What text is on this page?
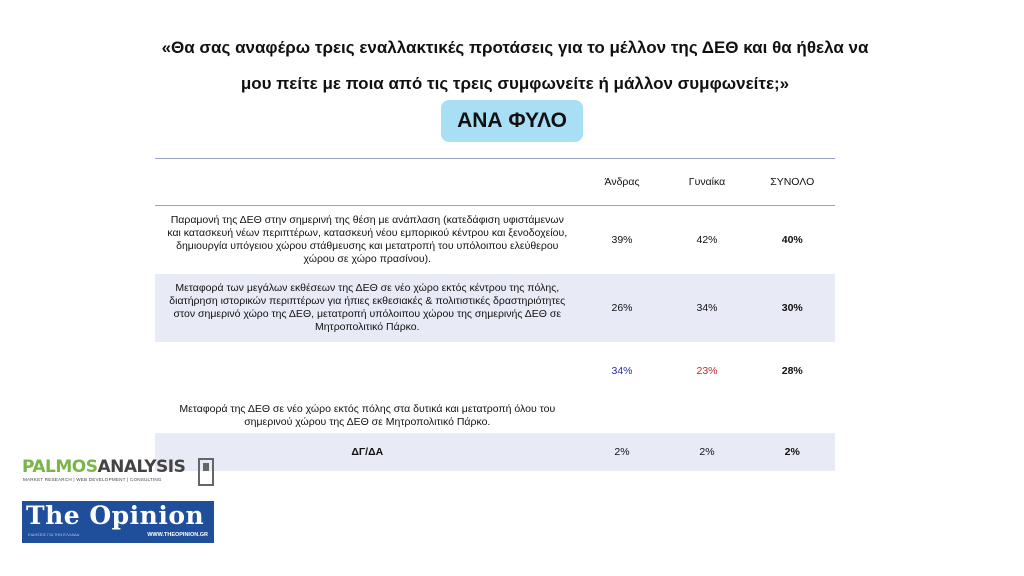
«Θα σας αναφέρω τρεις εναλλακτικές προτάσεις για το μέλλον της ΔΕΘ και θα ήθελα να
μου πείτε με ποια από τις τρεις συμφωνείτε ή μάλλον συμφωνείτε;»
ΑΝΑ ΦΥΛΟ
	Άνδρας	Γυναίκα	ΣΥΝΟΛΟ
Παραμονή της ΔΕΘ στην σημερινή της θέση με ανάπλαση (κατεδάφιση υφιστάμενων και κατασκευή νέων περιπτέρων, κατασκευή νέου εμπορικού κέντρου και ξενοδοχείου, δημιουργία υπόγειου χώρου στάθμευσης και μετατροπή του υπόλοιπου ελεύθερου χώρου σε χώρο πρασίνου).	39%	42%	40%
Μεταφορά των μεγάλων εκθέσεων της ΔΕΘ σε νέο χώρο εκτός κέντρου της πόλης, διατήρηση ιστορικών περιπτέρων για ήπιες εκθεσιακές & πολιτιστικές δραστηριότητες στον σημερινό χώρο της ΔΕΘ, μετατροπή υπόλοιπου χώρου της σημερινής ΔΕΘ σε Μητροπολιτικό Πάρκο.	26%	34%	30%
Μεταφορά της ΔΕΘ σε νέο χώρο εκτός πόλης στα δυτικά και μετατροπή όλου του σημερινού χώρου της ΔΕΘ σε Μητροπολιτικό Πάρκο.	34%	23%	28%
ΔΓ/ΔΑ	2%	2%	2%
PALMOSANALYSIS
MARKET RESEARCH | WEB DEVELOPMENT | CONSULTING
The Opinion
ΕΙΔΗΣΕΙΣ ΓΙΑ ΤΗΝ ΕΛΛΑΔΑ	WWW.THEOPINION.GR
